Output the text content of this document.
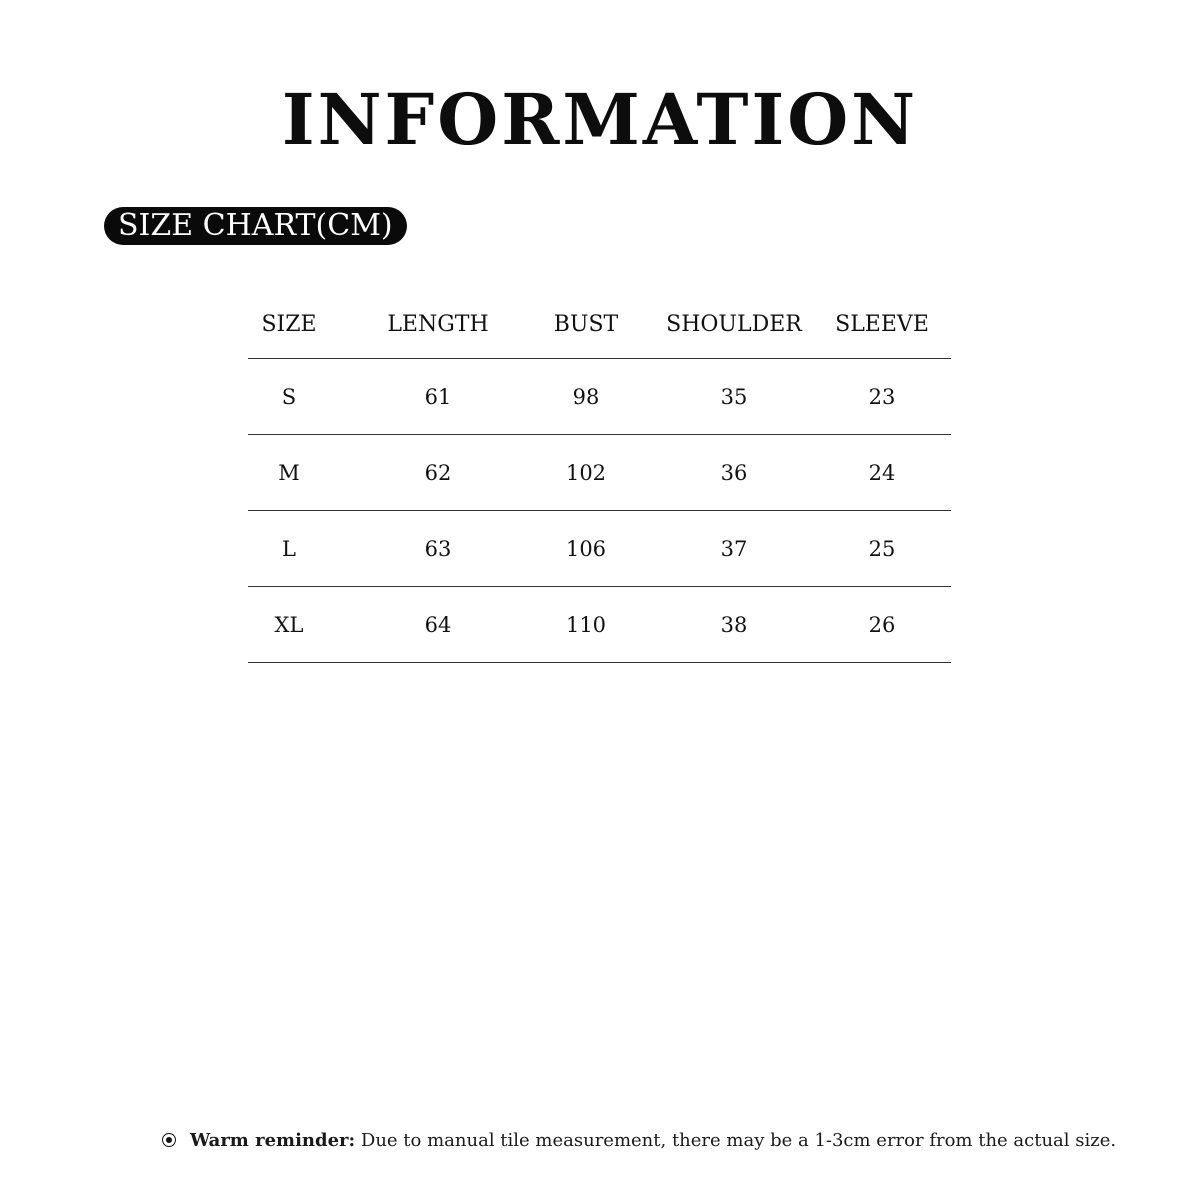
INFORMATION
SIZE CHART(CM)
SIZE	LENGTH	BUST	SHOULDER	SLEEVE
S	61	98	35	23
M	62	102	36	24
L	63	106	37	25
XL	64	110	38	26
Warm reminder: Due to manual tile measurement, there may be a 1-3cm error from the actual size.
